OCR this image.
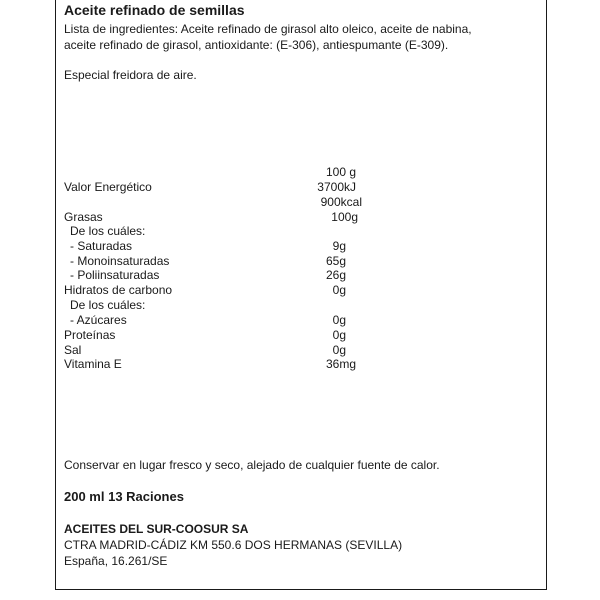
Aceite refinado de semillas
Lista de ingredientes: Aceite refinado de girasol alto oleico, aceite de nabina,
aceite refinado de girasol, antioxidante: (E-306), antiespumante (E-309).
Especial freidora de aire.
100 g
Valor Energético	3700kJ
900kcal
Grasas	100g
De los cuáles:
- Saturadas	9g
- Monoinsaturadas	65g
- Poliinsaturadas	26g
Hidratos de carbono	0g
De los cuáles:
- Azúcares	0g
Proteínas	0g
Sal	0g
Vitamina E	36mg
Conservar en lugar fresco y seco, alejado de cualquier fuente de calor.
200 ml 13 Raciones
ACEITES DEL SUR-COOSUR SA
CTRA MADRID-CÁDIZ KM 550.6 DOS HERMANAS (SEVILLA)
España, 16.261/SE
